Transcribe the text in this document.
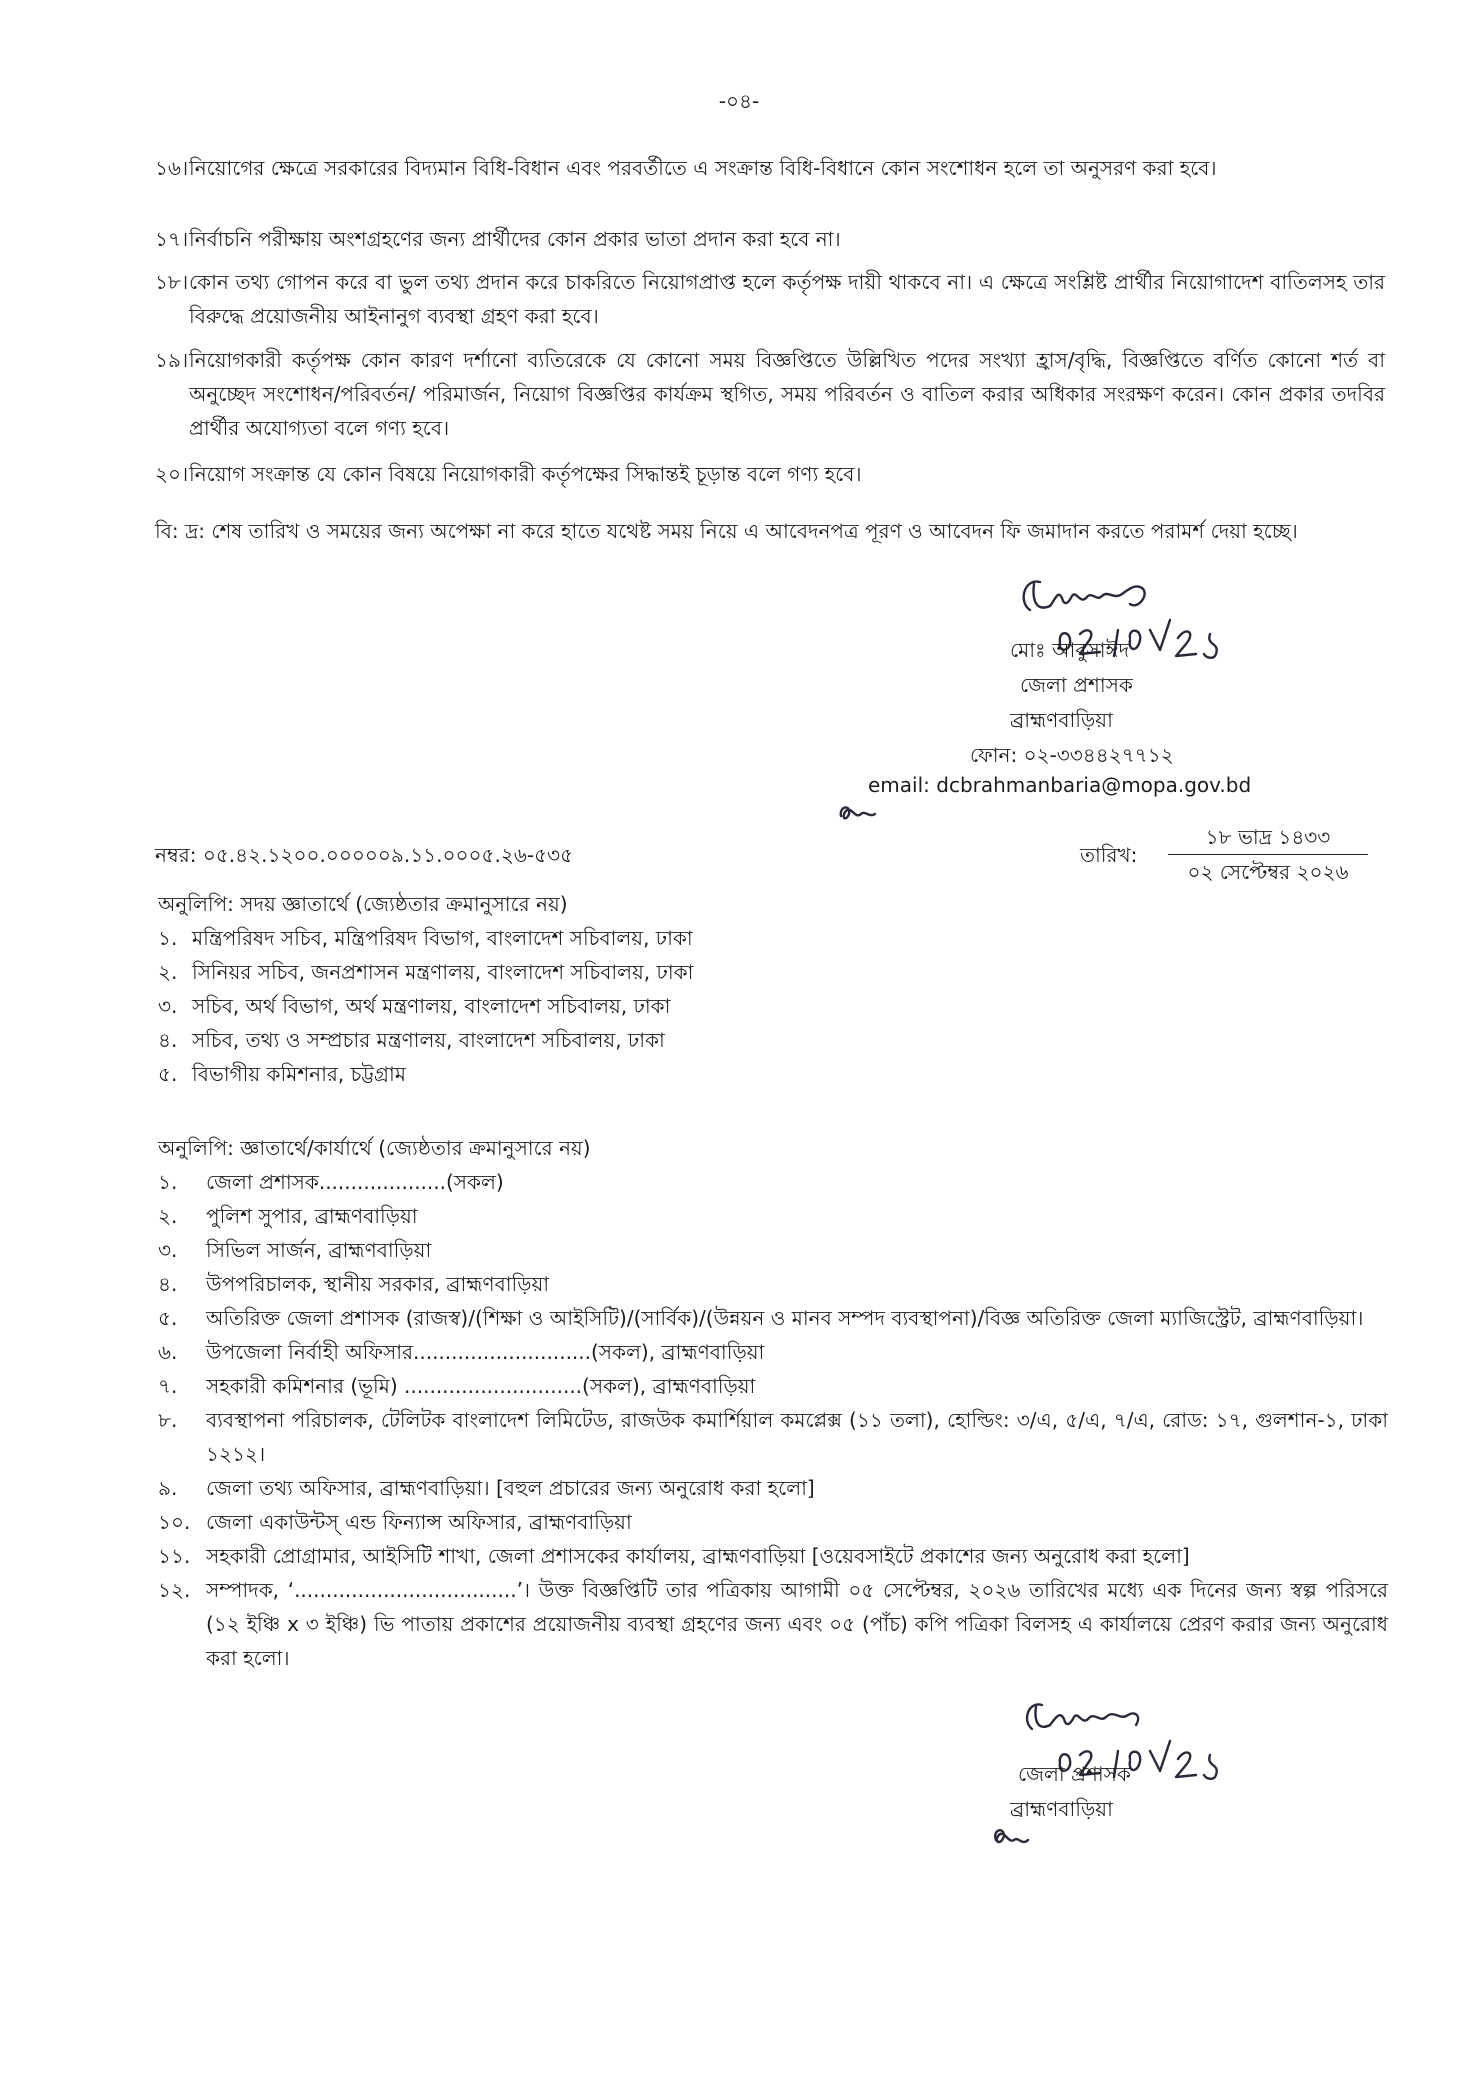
-০৪-
১৬। নিয়োগের ক্ষেত্রে সরকারের বিদ্যমান বিধি-বিধান এবং পরবর্তীতে এ সংক্রান্ত বিধি-বিধানে কোন সংশোধন হলে তা অনুসরণ করা হবে।
১৭। নির্বাচনি পরীক্ষায় অংশগ্রহণের জন্য প্রার্থীদের কোন প্রকার ভাতা প্রদান করা হবে না।
১৮। কোন তথ্য গোপন করে বা ভুল তথ্য প্রদান করে চাকরিতে নিয়োগপ্রাপ্ত হলে কর্তৃপক্ষ দায়ী থাকবে না। এ ক্ষেত্রে সংশ্লিষ্ট প্রার্থীর নিয়োগাদেশ বাতিলসহ তার বিরুদ্ধে প্রয়োজনীয় আইনানুগ ব্যবস্থা গ্রহণ করা হবে।
১৯। নিয়োগকারী কর্তৃপক্ষ কোন কারণ দর্শানো ব্যতিরেকে যে কোনো সময় বিজ্ঞপ্তিতে উল্লিখিত পদের সংখ্যা হ্রাস/বৃদ্ধি, বিজ্ঞপ্তিতে বর্ণিত কোনো শর্ত বা অনুচ্ছেদ সংশোধন/পরিবর্তন/ পরিমার্জন, নিয়োগ বিজ্ঞপ্তির কার্যক্রম স্থগিত, সময় পরিবর্তন ও বাতিল করার অধিকার সংরক্ষণ করেন। কোন প্রকার তদবির প্রার্থীর অযোগ্যতা বলে গণ্য হবে।
২০। নিয়োগ সংক্রান্ত যে কোন বিষয়ে নিয়োগকারী কর্তৃপক্ষের সিদ্ধান্তই চূড়ান্ত বলে গণ্য হবে।
বি: দ্র: শেষ তারিখ ও সময়ের জন্য অপেক্ষা না করে হাতে যথেষ্ট সময় নিয়ে এ আবেদনপত্র পূরণ ও আবেদন ফি জমাদান করতে পরামর্শ দেয়া হচ্ছে।
মোঃ আবুসাঈদ
জেলা প্রশাসক
ব্রাহ্মণবাড়িয়া
ফোন: ০২-৩৩৪৪২৭৭১২
email: dcbrahmanbaria@mopa.gov.bd
নম্বর: ০৫.৪২.১২০০.০০০০০৯.১১.০০০৫.২৬-৫৩৫	তারিখ:
১৮ ভাদ্র ১৪৩৩
০২ সেপ্টেম্বর ২০২৬
অনুলিপি: সদয় জ্ঞাতার্থে (জ্যেষ্ঠতার ক্রমানুসারে নয়)
১. মন্ত্রিপরিষদ সচিব, মন্ত্রিপরিষদ বিভাগ, বাংলাদেশ সচিবালয়, ঢাকা
২. সিনিয়র সচিব, জনপ্রশাসন মন্ত্রণালয়, বাংলাদেশ সচিবালয়, ঢাকা
৩. সচিব, অর্থ বিভাগ, অর্থ মন্ত্রণালয়, বাংলাদেশ সচিবালয়, ঢাকা
৪. সচিব, তথ্য ও সম্প্রচার মন্ত্রণালয়, বাংলাদেশ সচিবালয়, ঢাকা
৫. বিভাগীয় কমিশনার, চট্টগ্রাম
অনুলিপি: জ্ঞাতার্থে/কার্যার্থে (জ্যেষ্ঠতার ক্রমানুসারে নয়)
১. জেলা প্রশাসক....................(সকল)
২. পুলিশ সুপার, ব্রাহ্মণবাড়িয়া
৩. সিভিল সার্জন, ব্রাহ্মণবাড়িয়া
৪. উপপরিচালক, স্থানীয় সরকার, ব্রাহ্মণবাড়িয়া
৫. অতিরিক্ত জেলা প্রশাসক (রাজস্ব)/(শিক্ষা ও আইসিটি)/(সার্বিক)/(উন্নয়ন ও মানব সম্পদ ব্যবস্থাপনা)/বিজ্ঞ অতিরিক্ত জেলা ম্যাজিস্ট্রেট, ব্রাহ্মণবাড়িয়া।
৬. উপজেলা নির্বাহী অফিসার............................(সকল), ব্রাহ্মণবাড়িয়া
৭. সহকারী কমিশনার (ভূমি) ............................(সকল), ব্রাহ্মণবাড়িয়া
৮. ব্যবস্থাপনা পরিচালক, টেলিটক বাংলাদেশ লিমিটেড, রাজউক কমার্শিয়াল কমপ্লেক্স (১১ তলা), হোল্ডিং: ৩/এ, ৫/এ, ৭/এ, রোড: ১৭, গুলশান-১, ঢাকা ১২১২।
৯. জেলা তথ্য অফিসার, ব্রাহ্মণবাড়িয়া। [বহুল প্রচারের জন্য অনুরোধ করা হলো]
১০. জেলা একাউন্টস্ এন্ড ফিন্যান্স অফিসার, ব্রাহ্মণবাড়িয়া
১১. সহকারী প্রোগ্রামার, আইসিটি শাখা, জেলা প্রশাসকের কার্যালয়, ব্রাহ্মণবাড়িয়া [ওয়েবসাইটে প্রকাশের জন্য অনুরোধ করা হলো]
১২. সম্পাদক, ‘...................................’। উক্ত বিজ্ঞপ্তিটি তার পত্রিকায় আগামী ০৫ সেপ্টেম্বর, ২০২৬ তারিখের মধ্যে এক দিনের জন্য স্বল্প পরিসরে (১২ ইঞ্চি x ৩ ইঞ্চি) ভি পাতায় প্রকাশের প্রয়োজনীয় ব্যবস্থা গ্রহণের জন্য এবং ০৫ (পাঁচ) কপি পত্রিকা বিলসহ এ কার্যালয়ে প্রেরণ করার জন্য অনুরোধ করা হলো।
জেলা প্রশাসক
ব্রাহ্মণবাড়িয়া
